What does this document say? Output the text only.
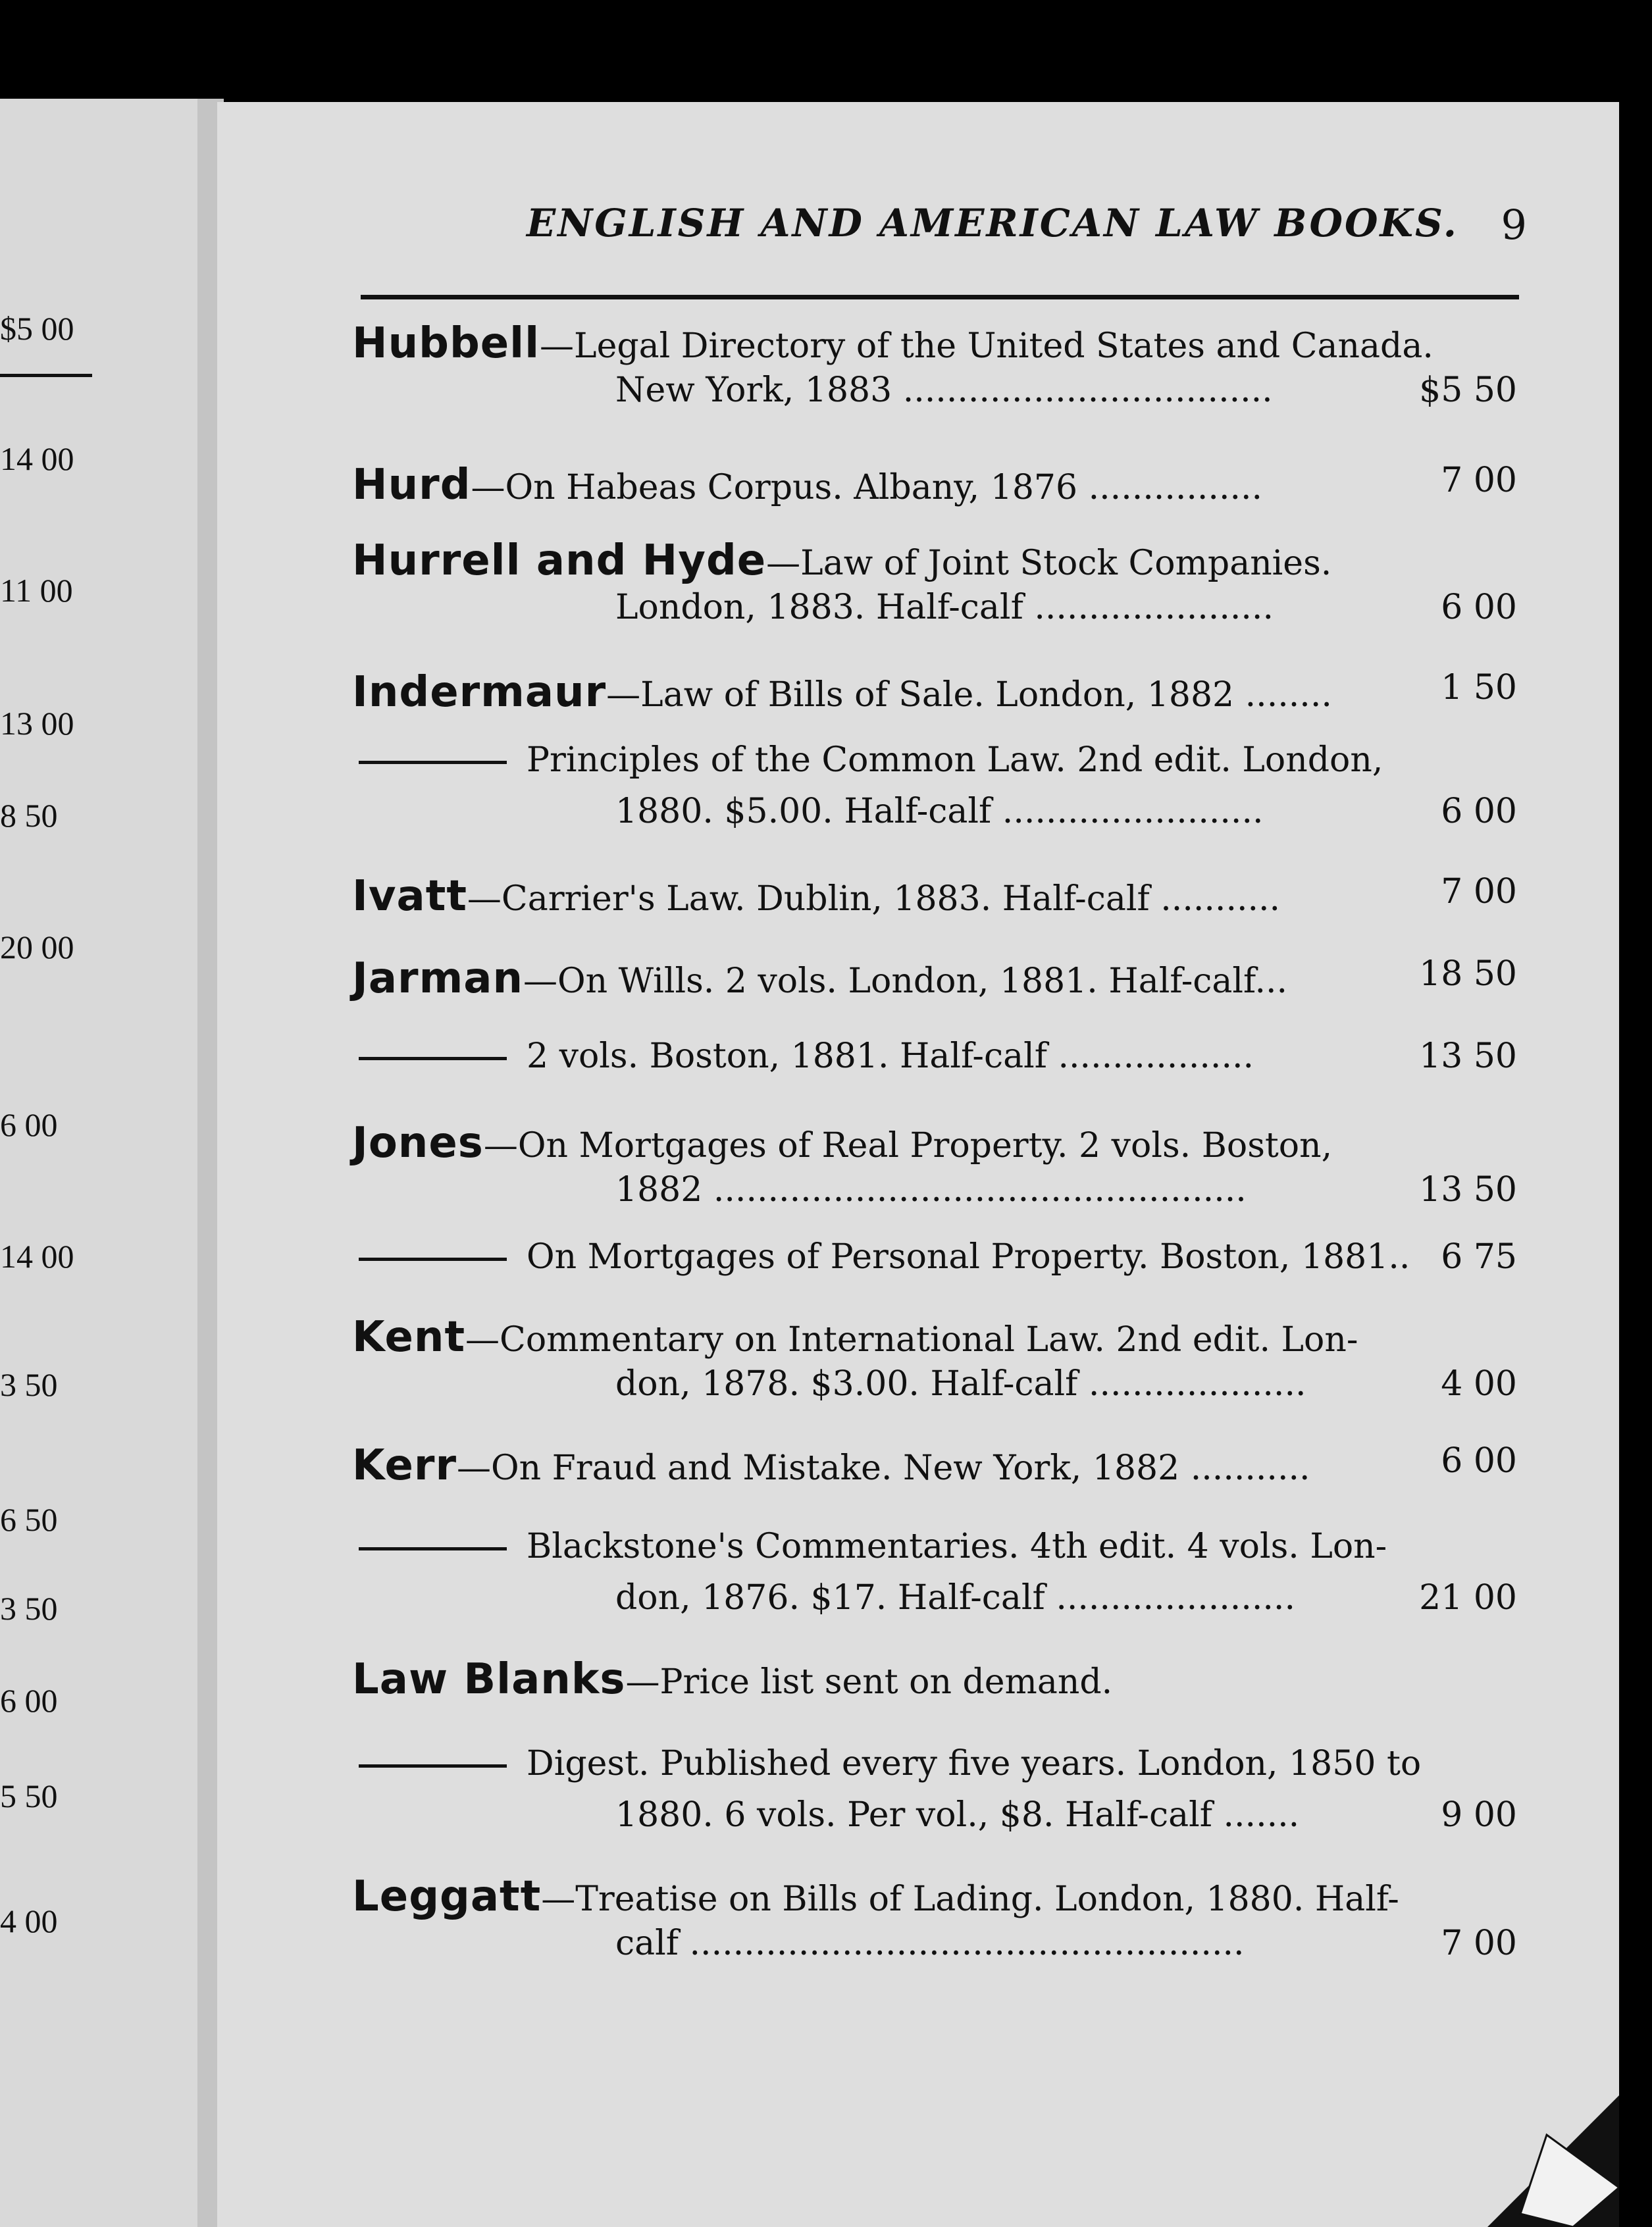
$5 00
14 00
11 00
13 00
8 50
20 00
6 00
14 00
3 50
6 50
3 50
6 00
5 50
4 00
ENGLISH AND AMERICAN LAW BOOKS. 9
Hubbell—Legal Directory of the United States and Canada.
New York, 1883 ..................................	$5 50
Hurd—On Habeas Corpus. Albany, 1876 ................	7 00
Hurrell and Hyde—Law of Joint Stock Companies.
London, 1883. Half-calf ......................	6 00
Indermaur—Law of Bills of Sale. London, 1882 ........	1 50
Principles of the Common Law. 2nd edit. London,
1880. $5.00. Half-calf ........................	6 00
Ivatt—Carrier's Law. Dublin, 1883. Half-calf ...........	7 00
Jarman—On Wills. 2 vols. London, 1881. Half-calf...	18 50
2 vols. Boston, 1881. Half-calf ..................	13 50
Jones—On Mortgages of Real Property. 2 vols. Boston,
1882 .................................................	13 50
On Mortgages of Personal Property. Boston, 1881.. 6 75
Kent—Commentary on International Law. 2nd edit. Lon-
don, 1878. $3.00. Half-calf ....................	4 00
Kerr—On Fraud and Mistake. New York, 1882 ...........	6 00
Blackstone's Commentaries. 4th edit. 4 vols. Lon-
don, 1876. $17. Half-calf ......................	21 00
Law Blanks—Price list sent on demand.
Digest. Published every five years. London, 1850 to
1880. 6 vols. Per vol., $8. Half-calf .......	9 00
Leggatt—Treatise on Bills of Lading. London, 1880. Half-
calf ...................................................	7 00
